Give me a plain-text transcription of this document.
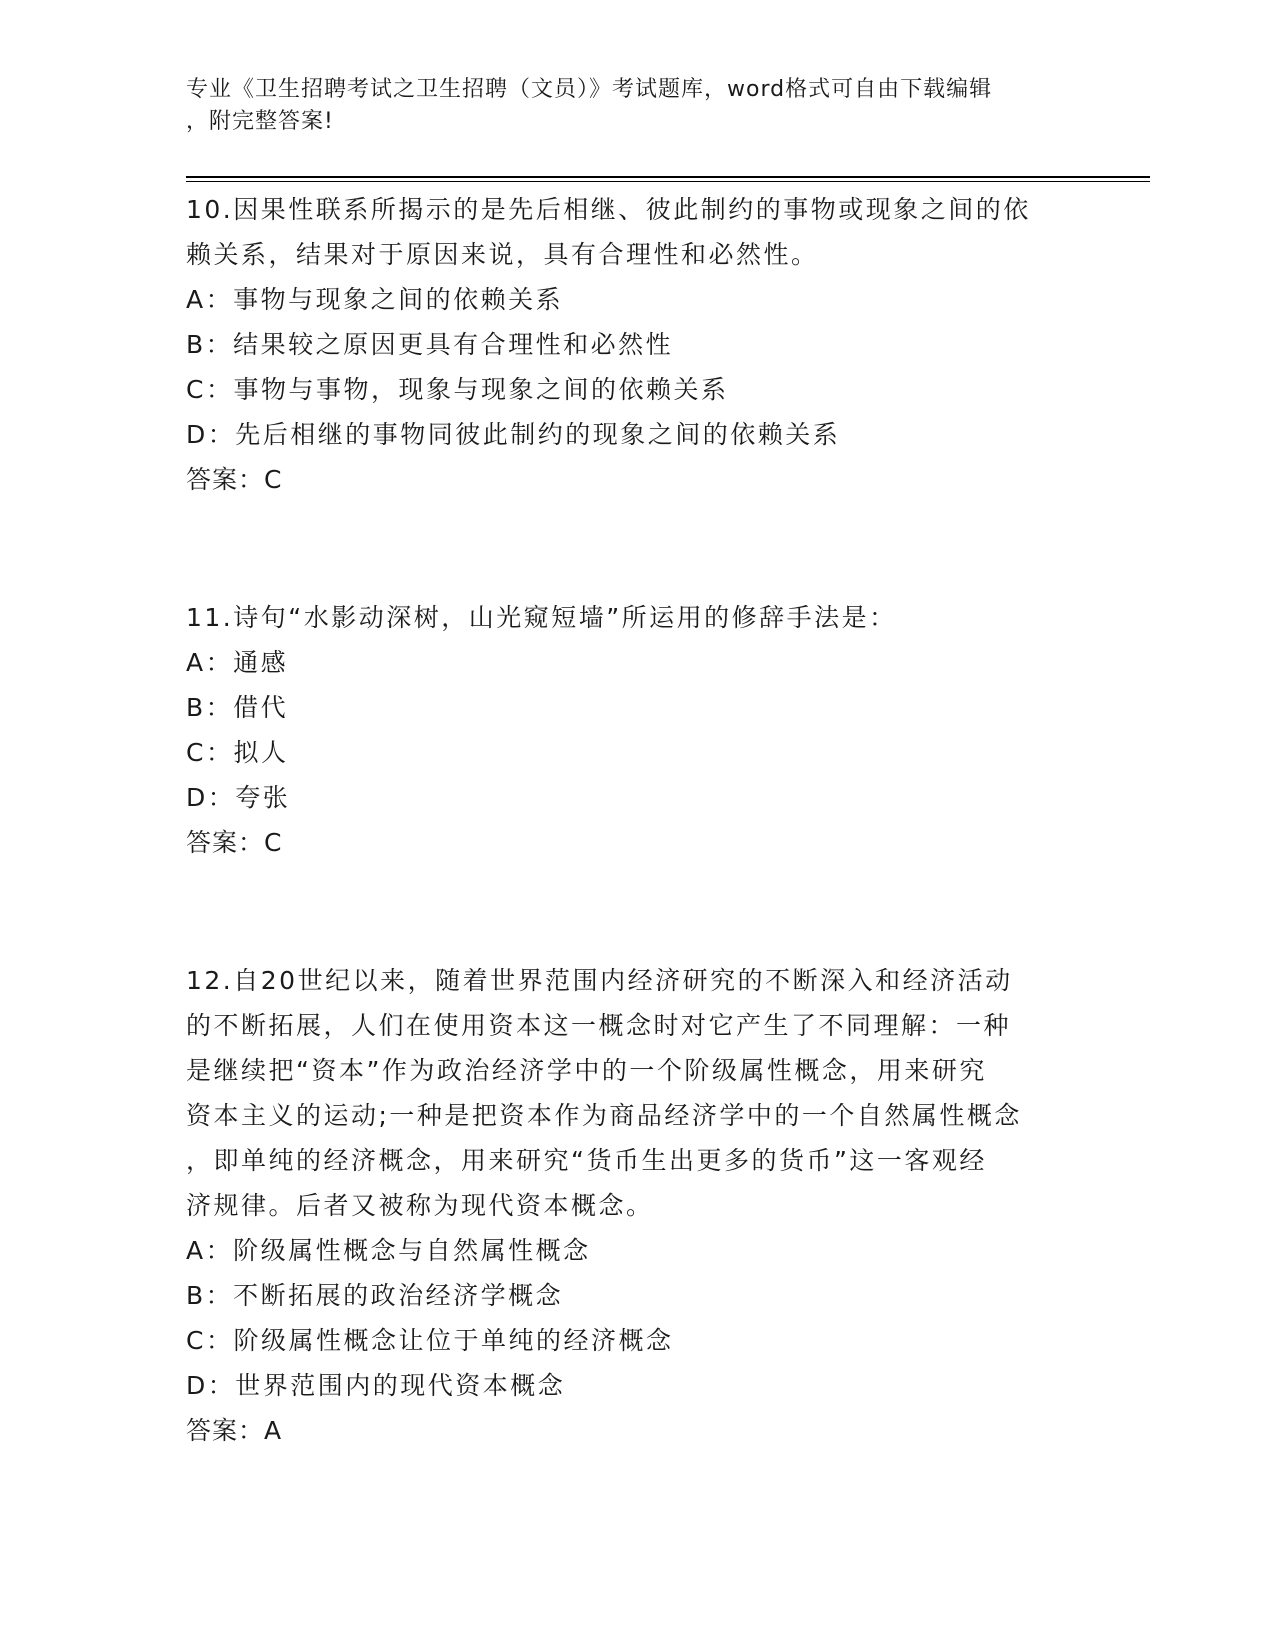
专业《卫生招聘考试之卫生招聘（文员）》考试题库，word格式可自由下载编辑
，附完整答案!
10.因果性联系所揭示的是先后相继、彼此制约的事物或现象之间的依
赖关系，结果对于原因来说，具有合理性和必然性。
A：事物与现象之间的依赖关系
B：结果较之原因更具有合理性和必然性
C：事物与事物，现象与现象之间的依赖关系
D：先后相继的事物同彼此制约的现象之间的依赖关系
答案：C
11.诗句“水影动深树，山光窥短墙”所运用的修辞手法是：
A：通感
B：借代
C：拟人
D：夸张
答案：C
12.自20世纪以来，随着世界范围内经济研究的不断深入和经济活动
的不断拓展，人们在使用资本这一概念时对它产生了不同理解：一种
是继续把“资本”作为政治经济学中的一个阶级属性概念，用来研究
资本主义的运动;一种是把资本作为商品经济学中的一个自然属性概念
，即单纯的经济概念，用来研究“货币生出更多的货币”这一客观经
济规律。后者又被称为现代资本概念。
A：阶级属性概念与自然属性概念
B：不断拓展的政治经济学概念
C：阶级属性概念让位于单纯的经济概念
D：世界范围内的现代资本概念
答案：A
